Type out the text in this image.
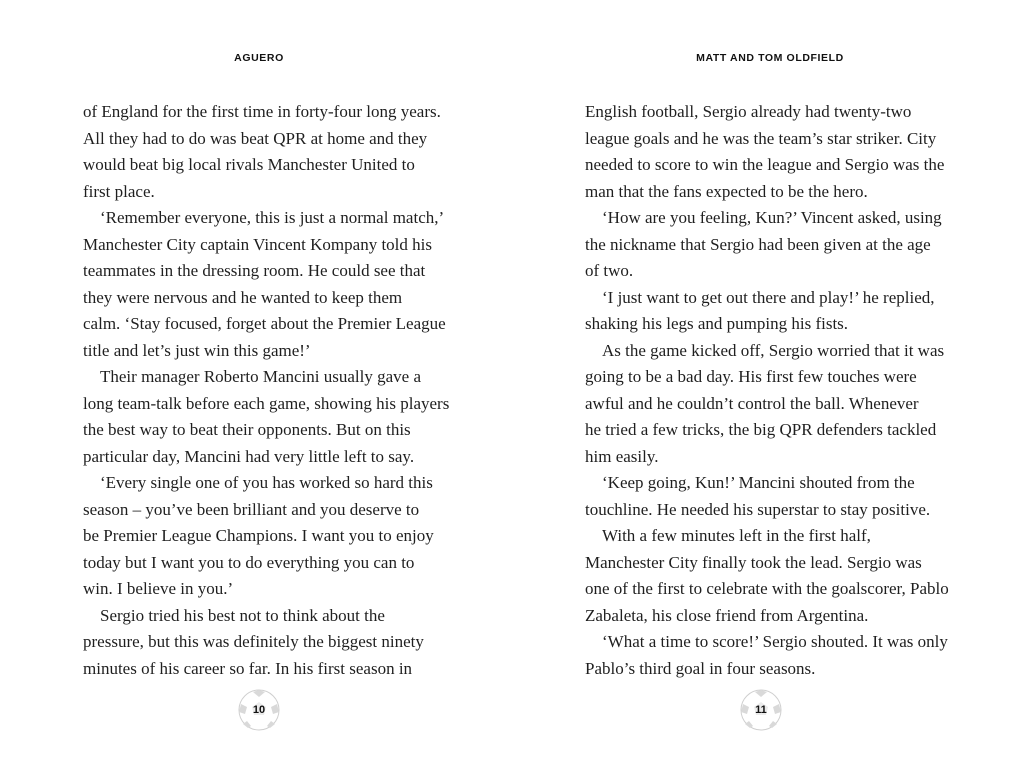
AGUERO
of England for the first time in forty-four long years.
All they had to do was beat QPR at home and they
would beat big local rivals Manchester United to
first place.
‘Remember everyone, this is just a normal match,’
Manchester City captain Vincent Kompany told his
teammates in the dressing room. He could see that
they were nervous and he wanted to keep them
calm. ‘Stay focused, forget about the Premier League
title and let’s just win this game!’
Their manager Roberto Mancini usually gave a
long team-talk before each game, showing his players
the best way to beat their opponents. But on this
particular day, Mancini had very little left to say.
‘Every single one of you has worked so hard this
season – you’ve been brilliant and you deserve to
be Premier League Champions. I want you to enjoy
today but I want you to do everything you can to
win. I believe in you.’
Sergio tried his best not to think about the
pressure, but this was definitely the biggest ninety
minutes of his career so far. In his first season in
10
MATT AND TOM OLDFIELD
English football, Sergio already had twenty-two
league goals and he was the team’s star striker. City
needed to score to win the league and Sergio was the
man that the fans expected to be the hero.
‘How are you feeling, Kun?’ Vincent asked, using
the nickname that Sergio had been given at the age
of two.
‘I just want to get out there and play!’ he replied,
shaking his legs and pumping his fists.
As the game kicked off, Sergio worried that it was
going to be a bad day. His first few touches were
awful and he couldn’t control the ball. Whenever
he tried a few tricks, the big QPR defenders tackled
him easily.
‘Keep going, Kun!’ Mancini shouted from the
touchline. He needed his superstar to stay positive.
With a few minutes left in the first half,
Manchester City finally took the lead. Sergio was
one of the first to celebrate with the goalscorer, Pablo
Zabaleta, his close friend from Argentina.
‘What a time to score!’ Sergio shouted. It was only
Pablo’s third goal in four seasons.
11
